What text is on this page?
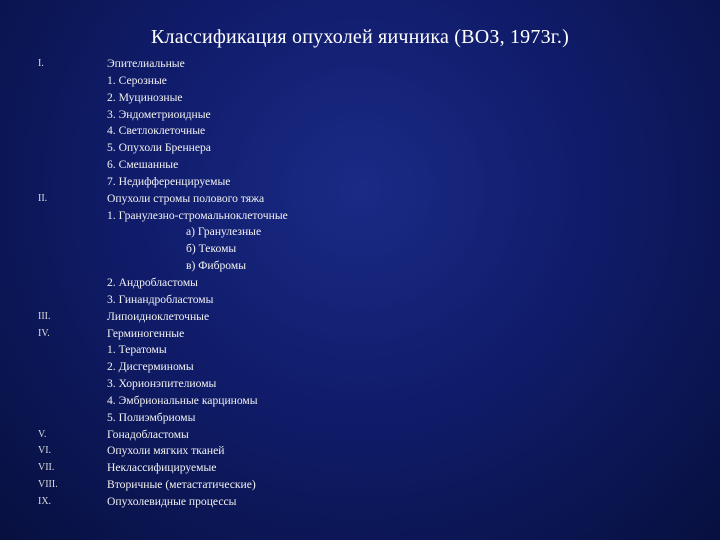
Классификация опухолей яичника (ВОЗ, 1973г.)
I.	Эпителиальные
1. Серозные
2. Муцинозные
3. Эндометриоидные
4. Светлоклеточные
5. Опухоли Бреннера
6. Смешанные
7. Недифференцируемые
II.	Опухоли стромы полового тяжа
1. Гранулезно-стромальноклеточные
а) Гранулезные
б) Текомы
в) Фибромы
2. Андробластомы
3. Гинандробластомы
III.	Липоидноклеточные
IV.	Герминогенные
1. Тератомы
2. Дисгерминомы
3. Хорионэпителиомы
4. Эмбриональные карциномы
5. Полиэмбриомы
V.	Гонадобластомы
VI.	Опухоли мягких тканей
VII.	Неклассифицируемые
VIII.	Вторичные (метастатические)
IX.	Опухолевидные процессы
